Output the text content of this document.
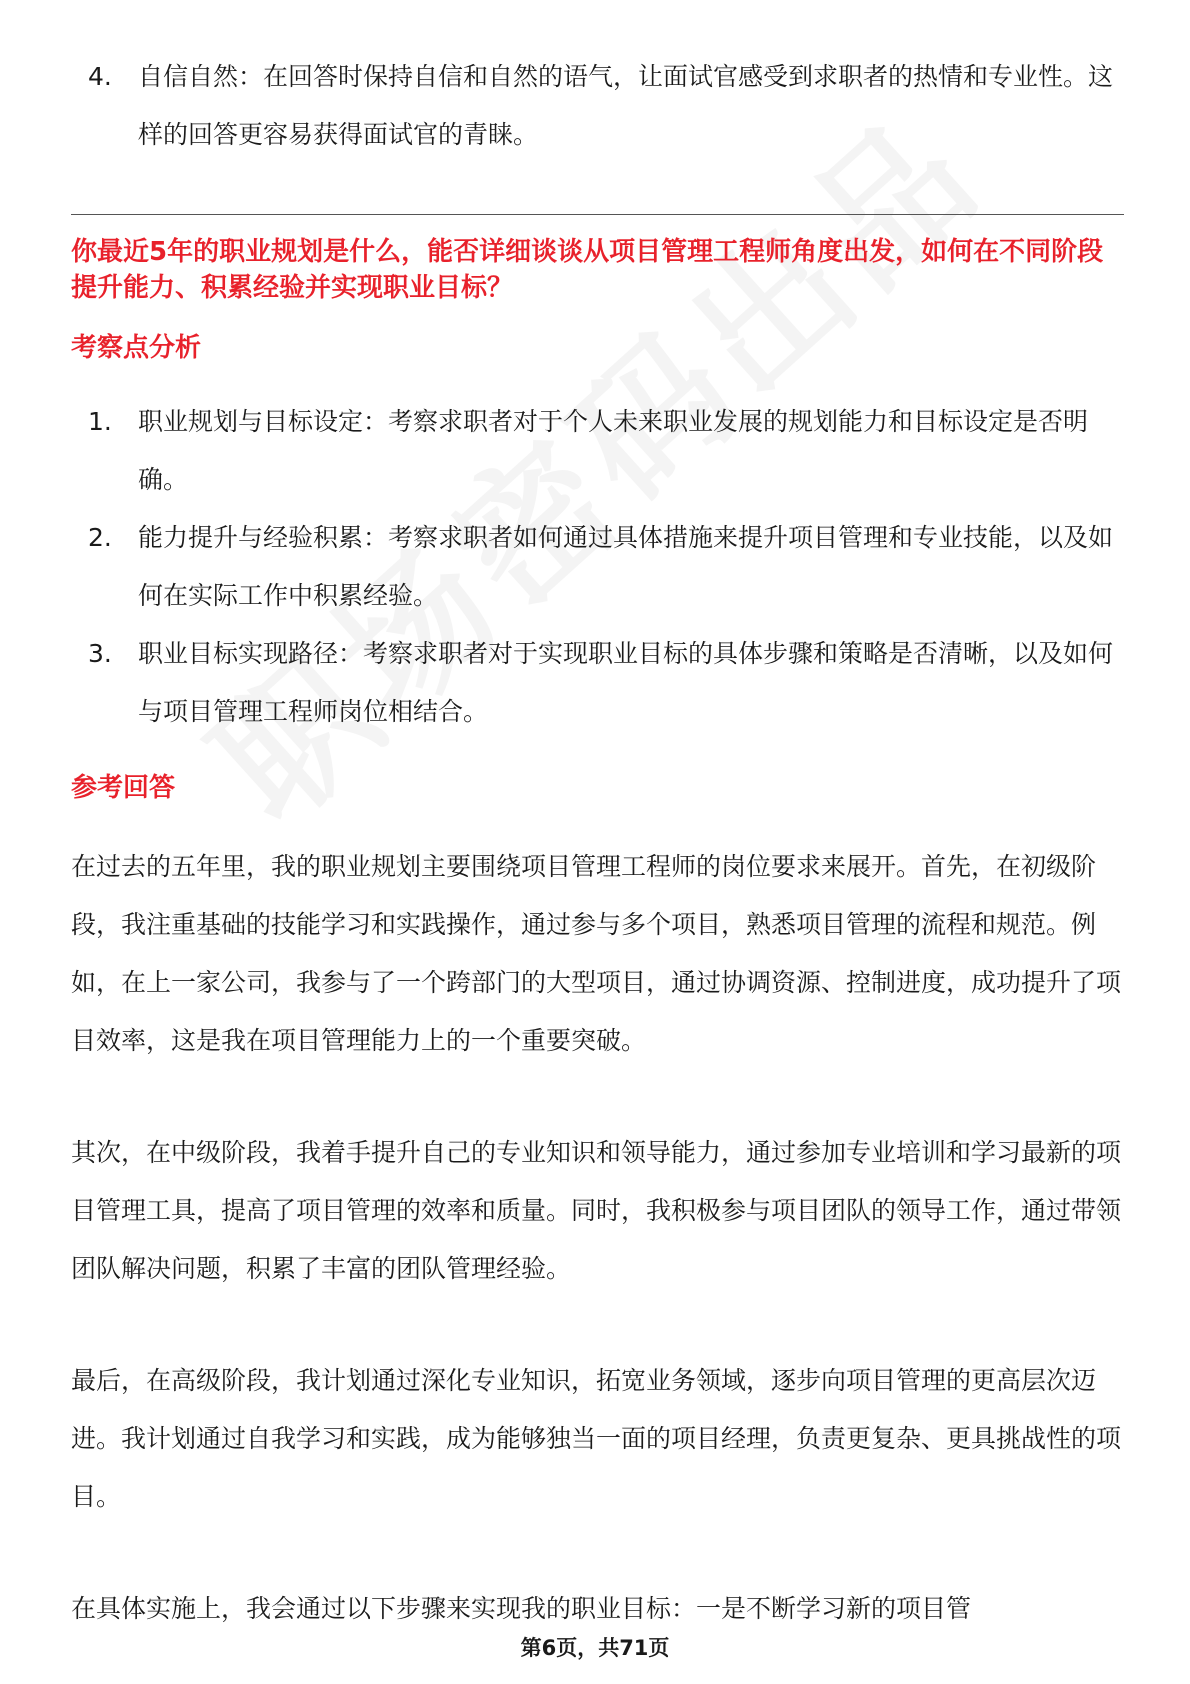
4. 自信自然：在回答时保持自信和自然的语气，让面试官感受到求职者的热情和专业性。这样的回答更容易获得面试官的青睐。

你最近5年的职业规划是什么，能否详细谈谈从项目管理工程师角度出发，如何在不同阶段提升能力、积累经验并实现职业目标？

考察点分析

1. 职业规划与目标设定：考察求职者对于个人未来职业发展的规划能力和目标设定是否明确。
2. 能力提升与经验积累：考察求职者如何通过具体措施来提升项目管理和专业技能，以及如何在实际工作中积累经验。
3. 职业目标实现路径：考察求职者对于实现职业目标的具体步骤和策略是否清晰，以及如何与项目管理工程师岗位相结合。

参考回答

在过去的五年里，我的职业规划主要围绕项目管理工程师的岗位要求来展开。首先，在初级阶段，我注重基础的技能学习和实践操作，通过参与多个项目，熟悉项目管理的流程和规范。例如，在上一家公司，我参与了一个跨部门的大型项目，通过协调资源、控制进度，成功提升了项目效率，这是我在项目管理能力上的一个重要突破。

其次，在中级阶段，我着手提升自己的专业知识和领导能力，通过参加专业培训和学习最新的项目管理工具，提高了项目管理的效率和质量。同时，我积极参与项目团队的领导工作，通过带领团队解决问题，积累了丰富的团队管理经验。

最后，在高级阶段，我计划通过深化专业知识，拓宽业务领域，逐步向项目管理的更高层次迈进。我计划通过自我学习和实践，成为能够独当一面的项目经理，负责更复杂、更具挑战性的项目。

在具体实施上，我会通过以下步骤来实现我的职业目标：一是不断学习新的项目管

第6页，共71页
